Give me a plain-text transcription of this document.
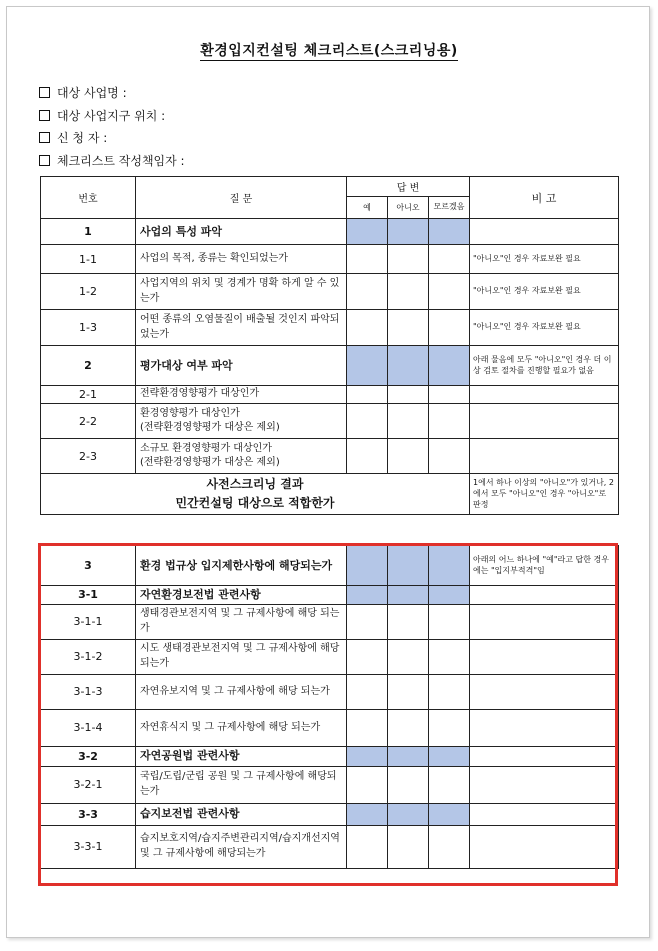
환경입지컨설팅 체크리스트(스크리닝용)
대상 사업명 :
대상 사업지구 위치 :
신 청 자 :
체크리스트 작성책임자 :
번호	질 문	답 변			비 고
		예	아니오	모르겠음	
1	사업의 특성 파악				
1-1	사업의 목적, 종류는 확인되었는가				"아니오"인 경우 자료보완 필요
1-2	사업지역의 위치 및 경계가 명확 하게 알 수 있는가				"아니오"인 경우 자료보완 필요
1-3	어떤 종류의 오염물질이 배출될 것인지 파악되었는가				"아니오"인 경우 자료보완 필요
2	평가대상 여부 파악				아래 물음에 모두 "아니오"인 경우 더 이상 검토 절차를 진행할 필요가 없음
2-1	전략환경영향평가 대상인가				
2-2	환경영향평가 대상인가
(전략환경영향평가 대상은 제외)				
2-3	소규모 환경영향평가 대상인가
(전략환경영향평가 대상은 제외)				
사전스크리닝 결과
민간컨설팅 대상으로 적합한가					1에서 하나 이상의 "아니오"가 있거나, 2에서 모두 "아니오"인 경우 "아니오"로 판정
3	환경 법규상 입지제한사항에 해당되는가				아래의 어느 하나에 "예"라고 답한 경우에는 "입지부적격"임
3-1	자연환경보전법 관련사항				
3-1-1	생태경관보전지역 및 그 규제사항에 해당 되는가				
3-1-2	시도 생태경관보전지역 및 그 규제사항에 해당 되는가				
3-1-3	자연유보지역 및 그 규제사항에 해당 되는가				
3-1-4	자연휴식지 및 그 규제사항에 해당 되는가				
3-2	자연공원법 관련사항				
3-2-1	국립/도립/군립 공원 및 그 규제사항에 해당되는가				
3-3	습지보전법 관련사항				
3-3-1	습지보호지역/습지주변관리지역/습지개선지역 및 그 규제사항에 해당되는가				
